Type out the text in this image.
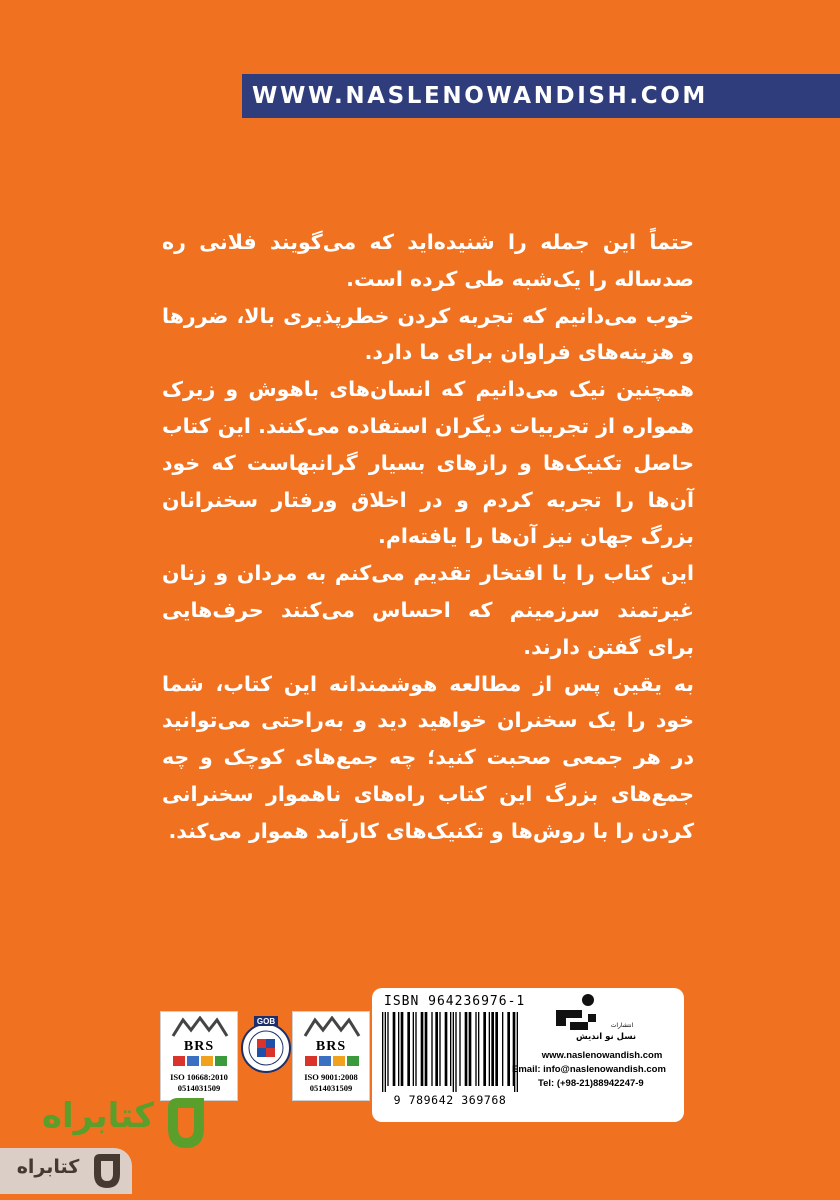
WWW.NASLENOWANDISH.COM

حتماً این جمله را شنیده‌اید که می‌گویند فلانی ره صدساله را یک‌شبه طی کرده است.

خوب می‌دانیم که تجربه کردن خطرپذیری بالا، ضررها و هزینه‌های فراوان برای ما دارد.

همچنین نیک می‌دانیم که انسان‌های باهوش و زیرک همواره از تجربیات دیگران استفاده می‌کنند. این کتاب حاصل تکنیک‌ها و رازهای بسیار گرانبهاست که خود آن‌ها را تجربه کردم و در اخلاق ورفتار سخنرانان بزرگ جهان نیز آن‌ها را یافته‌ام.

این کتاب را با افتخار تقدیم می‌کنم به مردان و زنان غیرتمند سرزمینم که احساس می‌کنند حرف‌هایی برای گفتن دارند.

به یقین پس از مطالعه هوشمندانه این کتاب، شما خود را یک سخنران خواهید دید و به‌راحتی می‌توانید در هر جمعی صحبت کنید؛ چه جمع‌های کوچک و چه جمع‌های بزرگ این کتاب راه‌های ناهموار سخنرانی کردن را با روش‌ها و تکنیک‌های کارآمد هموار می‌کند.

BRS
ISO 10668:2010
0514031509
GOB
BRS
ISO 9001:2008
0514031509
ISBN 964236976-1
9 789642 369768
انتشارات
نسل نو اندیش
www.naslenowandish.com
Email: info@naslenowandish.com
Tel: (+98-21)88942247-9
کتابراه
کتابراه
